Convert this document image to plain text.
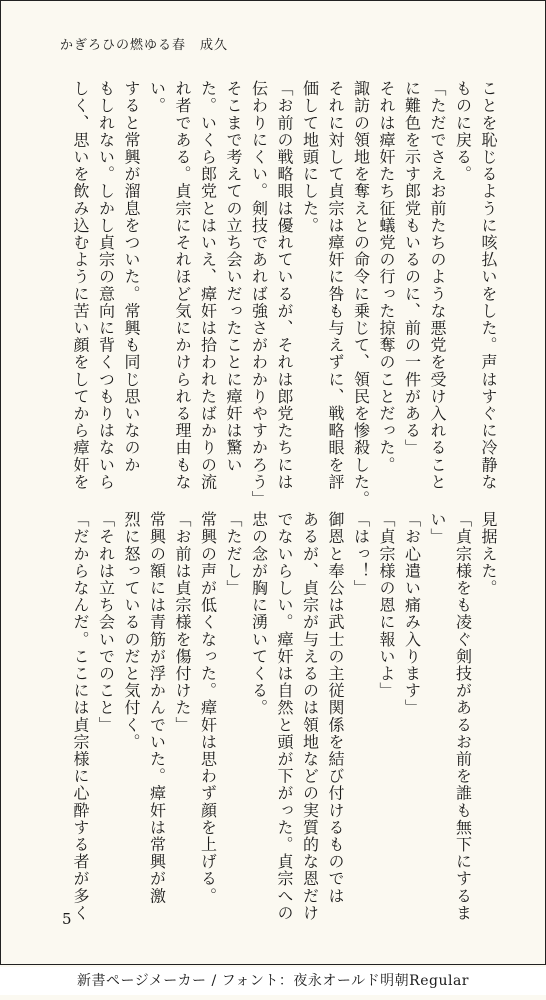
かぎろひの燃ゆる春　成久
ことを恥じるように咳払いをした。声はすぐに冷静な
ものに戻る。
「ただでさえお前たちのような悪党を受け入れること
に難色を示す郎党もいるのに、前の一件がある」
それは瘴奸たち征蟻党の行った掠奪のことだった。
諏訪の領地を奪えとの命令に乗じて、領民を惨殺した。
それに対して貞宗は瘴奸に咎も与えずに、戦略眼を評
価して地頭にした。
「お前の戦略眼は優れているが、それは郎党たちには
伝わりにくい。剣技であれば強さがわかりやすかろう」
そこまで考えての立ち会いだったことに瘴奸は驚い
た。いくら郎党とはいえ、瘴奸は拾われたばかりの流
れ者である。貞宗にそれほど気にかけられる理由もな
い。
すると常興が溜息をついた。常興も同じ思いなのか
もしれない。しかし貞宗の意向に背くつもりはないら
しく、思いを飲み込むように苦い顔をしてから瘴奸を
見据えた。
「貞宗様をも凌ぐ剣技があるお前を誰も無下にするま
い」
「お心遣い痛み入ります」
「貞宗様の恩に報いよ」
「はっ！」
御恩と奉公は武士の主従関係を結び付けるものでは
あるが、貞宗が与えるのは領地などの実質的な恩だけ
でないらしい。瘴奸は自然と頭が下がった。貞宗への
忠の念が胸に湧いてくる。
「ただし」
常興の声が低くなった。瘴奸は思わず顔を上げる。
「お前は貞宗様を傷付けた」
常興の額には青筋が浮かんでいた。瘴奸は常興が激
烈に怒っているのだと気付く。
「それは立ち会いでのこと」
「だからなんだ。ここには貞宗様に心酔する者が多く
5
新書ページメーカー / フォント：夜永オールド明朝Regular
